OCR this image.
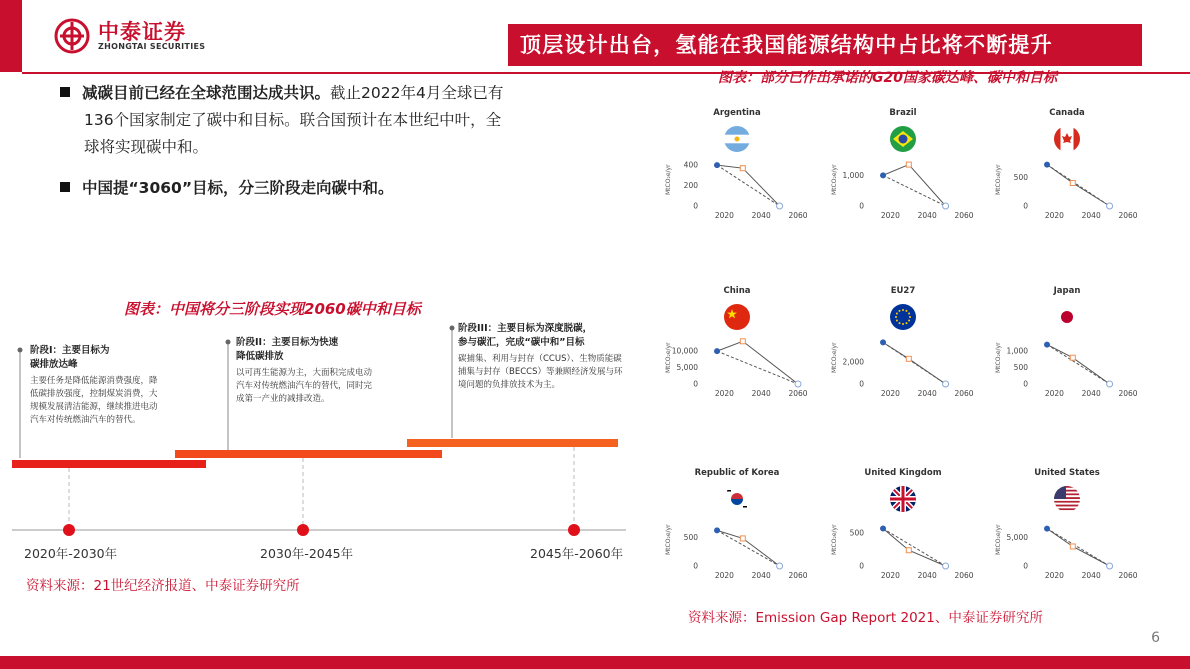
中泰证券
ZHONGTAI SECURITIES	顶层设计出台，氢能在我国能源结构中占比将不断提升
减碳目前已经在全球范围达成共识。截止2022年4月全球已有
136个国家制定了碳中和目标。联合国预计在本世纪中叶，全
球将实现碳中和。
中国提“3060”目标，分三阶段走向碳中和。
图表：中国将分三阶段实现2060碳中和目标
阶段I：主要目标为
碳排放达峰
主要任务是降低能源消费强度，降低碳排放强度，控制煤炭消费，大规模发展清洁能源，继续推进电动汽车对传统燃油汽车的替代。
阶段II：主要目标为快速
降低碳排放
以可再生能源为主，大面积完成电动汽车对传统燃油汽车的替代，同时完成第一产业的减排改造。
阶段III：主要目标为深度脱碳，
参与碳汇，完成“碳中和”目标
碳捕集、利用与封存（CCUS）、生物质能碳捕集与封存（BECCS）等兼顾经济发展与环境问题的负排放技术为主。
2020年-2030年	2030年-2045年	2045年-2060年
资料来源：21世纪经济报道、中泰证券研究所
图表：部分已作出承诺的G20国家碳达峰、碳中和目标
Argentina
MtCO₂e/yr
0
200
400
2020 2040 2060
Brazil
MtCO₂e/yr
0
1,000
2020 2040 2060
Canada
MtCO₂e/yr
0
500
2020 2040 2060
China
MtCO₂e/yr
0
5,000
10,000
2020 2040 2060
EU27
MtCO₂e/yr
0
2,000
2020 2040 2060
Japan
MtCO₂e/yr
0
500
1,000
2020 2040 2060
Republic of Korea
MtCO₂e/yr
0
500
2020 2040 2060
United Kingdom
MtCO₂e/yr
0
500
2020 2040 2060
United States
MtCO₂e/yr
0
5,000
2020 2040 2060
资料来源：Emission Gap Report 2021、中泰证券研究所
6
